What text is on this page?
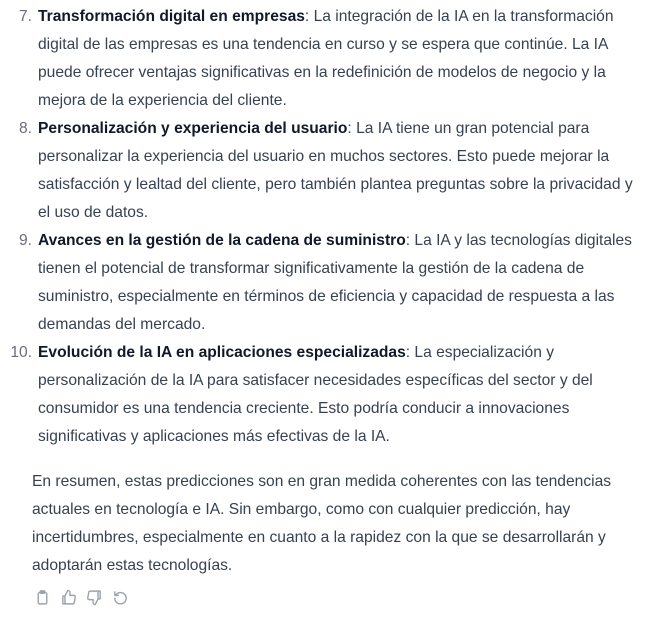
7. Transformación digital en empresas: La integración de la IA en la transformación digital de las empresas es una tendencia en curso y se espera que continúe. La IA puede ofrecer ventajas significativas en la redefinición de modelos de negocio y la mejora de la experiencia del cliente.
8. Personalización y experiencia del usuario: La IA tiene un gran potencial para personalizar la experiencia del usuario en muchos sectores. Esto puede mejorar la satisfacción y lealtad del cliente, pero también plantea preguntas sobre la privacidad y el uso de datos.
9. Avances en la gestión de la cadena de suministro: La IA y las tecnologías digitales tienen el potencial de transformar significativamente la gestión de la cadena de suministro, especialmente en términos de eficiencia y capacidad de respuesta a las demandas del mercado.
10. Evolución de la IA en aplicaciones especializadas: La especialización y personalización de la IA para satisfacer necesidades específicas del sector y del consumidor es una tendencia creciente. Esto podría conducir a innovaciones significativas y aplicaciones más efectivas de la IA.

En resumen, estas predicciones son en gran medida coherentes con las tendencias actuales en tecnología e IA. Sin embargo, como con cualquier predicción, hay incertidumbres, especialmente en cuanto a la rapidez con la que se desarrollarán y adoptarán estas tecnologías.
